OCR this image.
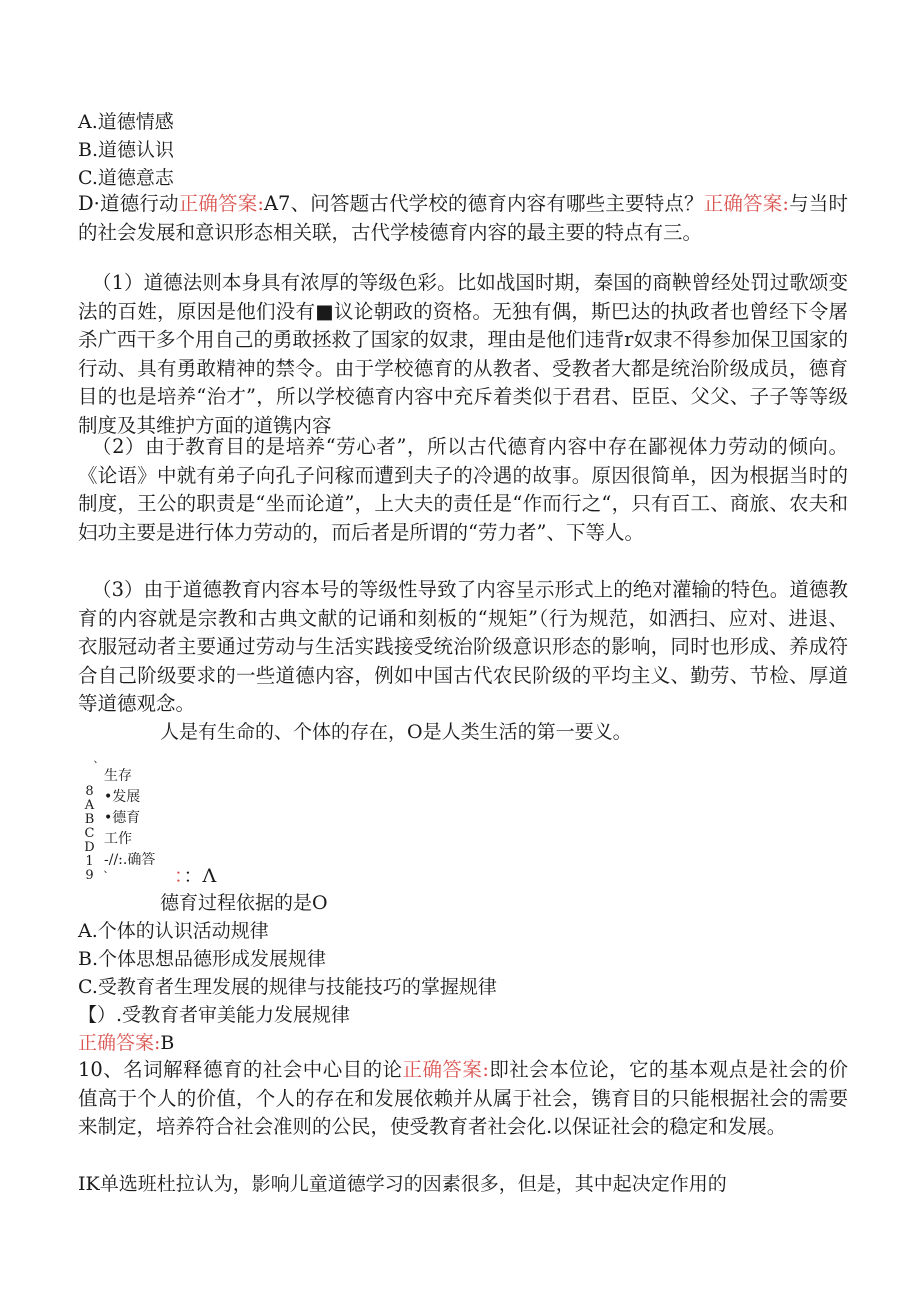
A.道德情感
B.道德认识
C.道德意志
D·道德行动正确答案:A7、问答题古代学校的德育内容有哪些主要特点？正确答案:与当时的社会发展和意识形态相关联，古代学棱德育内容的最主要的特点有三。
（1）道德法则本身具有浓厚的等级色彩。比如战国时期，秦国的商鞅曾经处罚过歌颂变法的百姓，原因是他们没有■议论朝政的资格。无独有偶，斯巴达的执政者也曾经下令屠杀广西干多个用自己的勇敢拯救了国家的奴隶，理由是他们违背r奴隶不得参加保卫国家的行动、具有勇敢精神的禁令。由于学校德育的从教者、受教者大都是统治阶级成员，德育目的也是培养“治才”，所以学校德育内容中充斥着类似于君君、臣臣、父父、子子等等级制度及其维护方面的道镌内容
（2）由于教育目的是培养“劳心者”，所以古代德育内容中存在鄙视体力劳动的倾向。《论语》中就有弟子向孔子问稼而遭到夫子的冷遇的故事。原因很简单，因为根据当时的制度，王公的职责是“坐而论道”，上大夫的责任是“作而行之“，只有百工、商旅、农夫和妇功主要是进行体力劳动的，而后者是所谓的“劳力者”、下等人。
（3）由于道德教育内容本号的等级性导致了内容呈示形式上的绝对灌输的特色。道德教育的内容就是宗教和古典文献的记诵和刻板的“规矩”（行为规范，如洒扫、应对、进退、衣服冠动者主要通过劳动与生活实践接受统治阶级意识形态的影响，同时也形成、养成符合自己阶级要求的一些道德内容，例如中国古代农民阶级的平均主义、勤劳、节检、厚道等道德观念。
人是有生命的、个体的存在，O是人类生活的第一要义。
、
8ABCD19
、
生存
•发展
•德育
工作
-//:.确答
：：Λ
德育过程依据的是O
A.个体的认识活动规律
B.个体思想品德形成发展规律
C.受教育者生理发展的规律与技能技巧的掌握规律
【）.受教育者审美能力发展规律
正确答案:B
10、名词解释德育的社会中心目的论正确答案:即社会本位论，它的基本观点是社会的价值高于个人的价值，个人的存在和发展依赖并从属于社会，镌育目的只能根据社会的需要来制定，培养符合社会准则的公民，使受教育者社会化.以保证社会的稳定和发展。
IK单选班杜拉认为，影响儿童道德学习的因素很多，但是，其中起决定作用的
